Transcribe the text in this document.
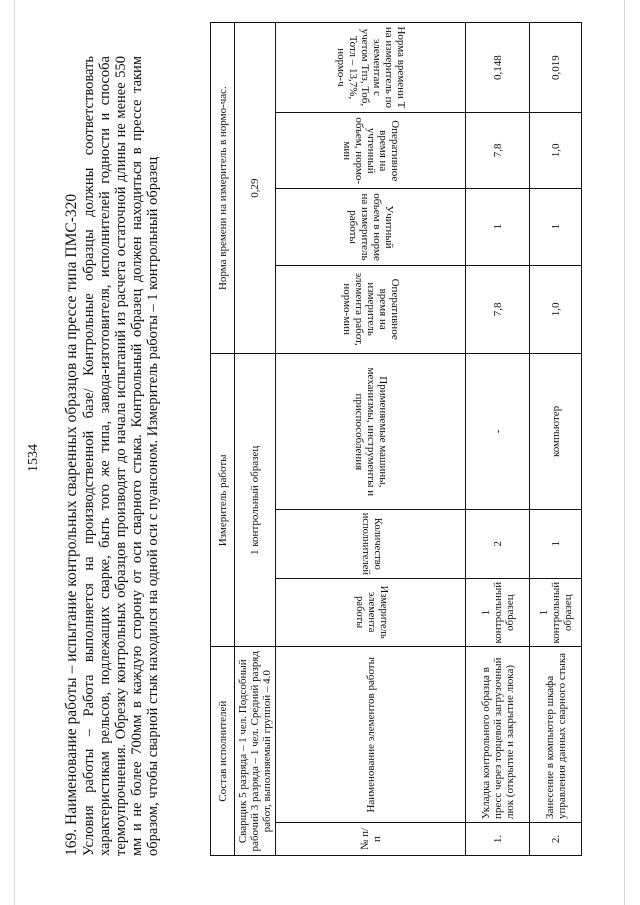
1534 169. Наименование работы – испытание контрольных сваренных образцов на прессе типа ПМС-320 Условия работы – Работа выполняется на производственной базе/ Контрольные образцы должны соответствовать характеристикам рельсов, подлежащих сварке, быть того же типа, завода-изготовителя, исполнителей годности и способа термоупрочнения. Обрезку контрольных образцов производят до начала испытаний из расчета остаточной длины не менее 550 мм и не более 700мм в каждую сторону от оси сварного стыка. Контрольный образец должен находиться в прессе таким образом, чтобы сварной стык находился на одной оси с пуансоном. Измеритель работы – 1 контрольный образец	Состав исполнителей		Измеритель работы			Норма времени на измеритель в нормо-час.			
Сварщик 5 разряда – 1 чел. Подсобный рабочий 3 разряда – 1 чел. Средний разряд работ, выполняемый группой – 4.0		1 контрольный образец			0,29			
№ п/п	Наименование элементов работы	Измеритель элемента работы	Количество исполнителей	Применяемые машины, механизмы, инструменты и приспособления	Оперативное время на измеритель элемента работ, нормо-мин	Учитный объем в норме на измеритель работы	Оперативное время на учтенный объем, нормо-мин	Норма времени Т на измеритель по элементам с учетом Тпз, Тоб, Тотл – 13,7%, нормо-ч
1.	Укладка контрольного образца в пресс через торцевой загрузочный люк (открытие и закрытие люка)	1 контрольный образец	2	-	7,8	1	7,8	0,148
2.	Занесение в компьютер шкафа управления данных сварного стыка	1 контрольный образец	1	компьютер	1,0	1	1,0	0,019
